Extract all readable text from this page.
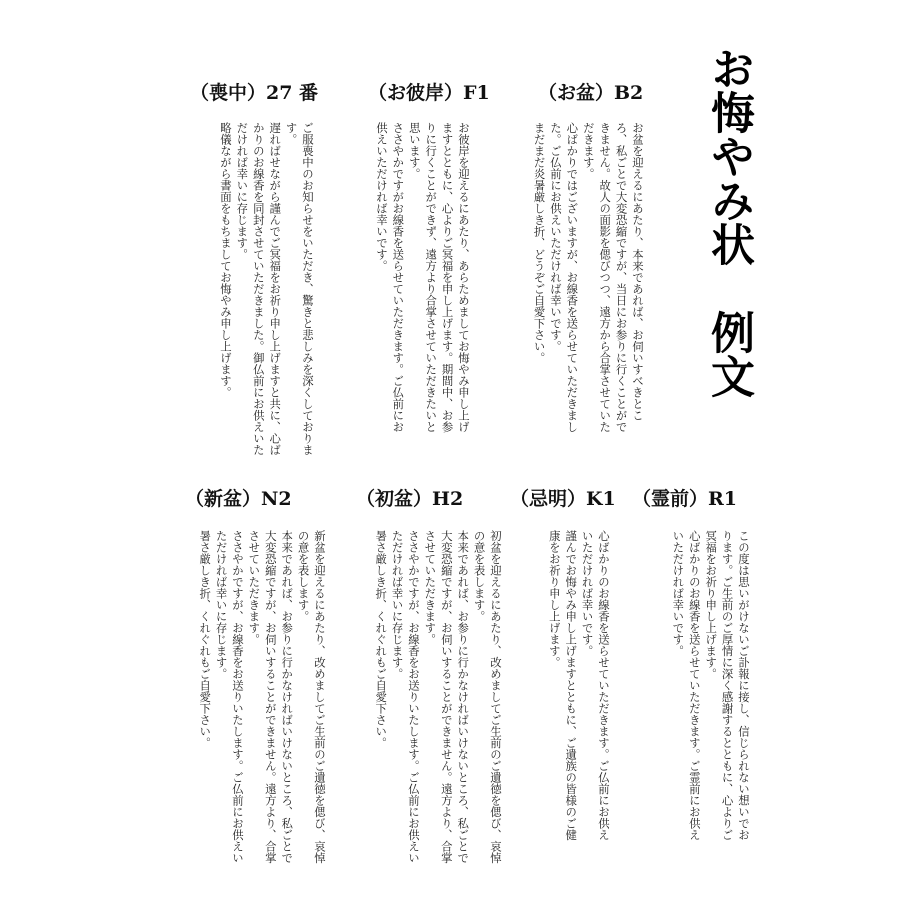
お悔やみ状　例文
（喪中）27 番
ご服喪中のお知らせをいただき、驚きと悲しみを深くしております。
遅ればせながら謹んでご冥福をお祈り申し上げますと共に、心ばかりのお線香を同封させていただきました。御仏前にお供えいただければ幸いに存じます。
略儀ながら書面をもちましてお悔やみ申し上げます。
（お彼岸）F1
お彼岸を迎えるにあたり、あらためましてお悔やみ申し上げますとともに、心よりご冥福を申し上げます。期間中、お参りに行くことができず、遠方より合掌させていただきたいと思います。
ささやかですがお線香を送らせていただきます。ご仏前にお供えいただければ幸いです。
（お盆）B2
お盆を迎えるにあたり、本来であれば、お伺いすべきところ、私ごとで大変恐縮ですが、当日にお参りに行くことができません。故人の面影を偲びつつ、遠方から合掌させていただきます。
心ばかりではございますが、お線香を送らせていただきました。ご仏前にお供えいただければ幸いです。
まだまだ炎暑厳しき折、どうぞご自愛下さい。
（新盆）N2
新盆を迎えるにあたり、改めましてご生前のご遺徳を偲び、哀悼の意を表します。
本来であれば、お参りに行かなければいけないところ、私ごとで大変恐縮ですが、お伺いすることができません。遠方より、合掌させていただきます。
ささやかですが、お線香をお送りいたします。ご仏前にお供えいただければ幸いに存じます。
暑さ厳しき折、くれぐれもご自愛下さい。
（初盆）H2
初盆を迎えるにあたり、改めましてご生前のご遺徳を偲び、哀悼の意を表します。
本来であれば、お参りに行かなければいけないところ、私ごとで大変恐縮ですが、お伺いすることができません。遠方より、合掌させていただきます。
ささやかですが、お線香をお送りいたします。ご仏前にお供えいただければ幸いに存じます。
暑さ厳しき折、くれぐれもご自愛下さい。
（忌明）K1
心ばかりのお線香を送らせていただきます。ご仏前にお供えいただければ幸いです。
謹んでお悔やみ申し上げますとともに、ご遺族の皆様のご健康をお祈り申し上げます。
（霊前）R1
この度は思いがけないご訃報に接し、信じられない想いでおります。ご生前のご厚情に深く感謝するとともに、心よりご冥福をお祈り申し上げます。
心ばかりのお線香を送らせていただきます。ご霊前にお供えいただければ幸いです。
